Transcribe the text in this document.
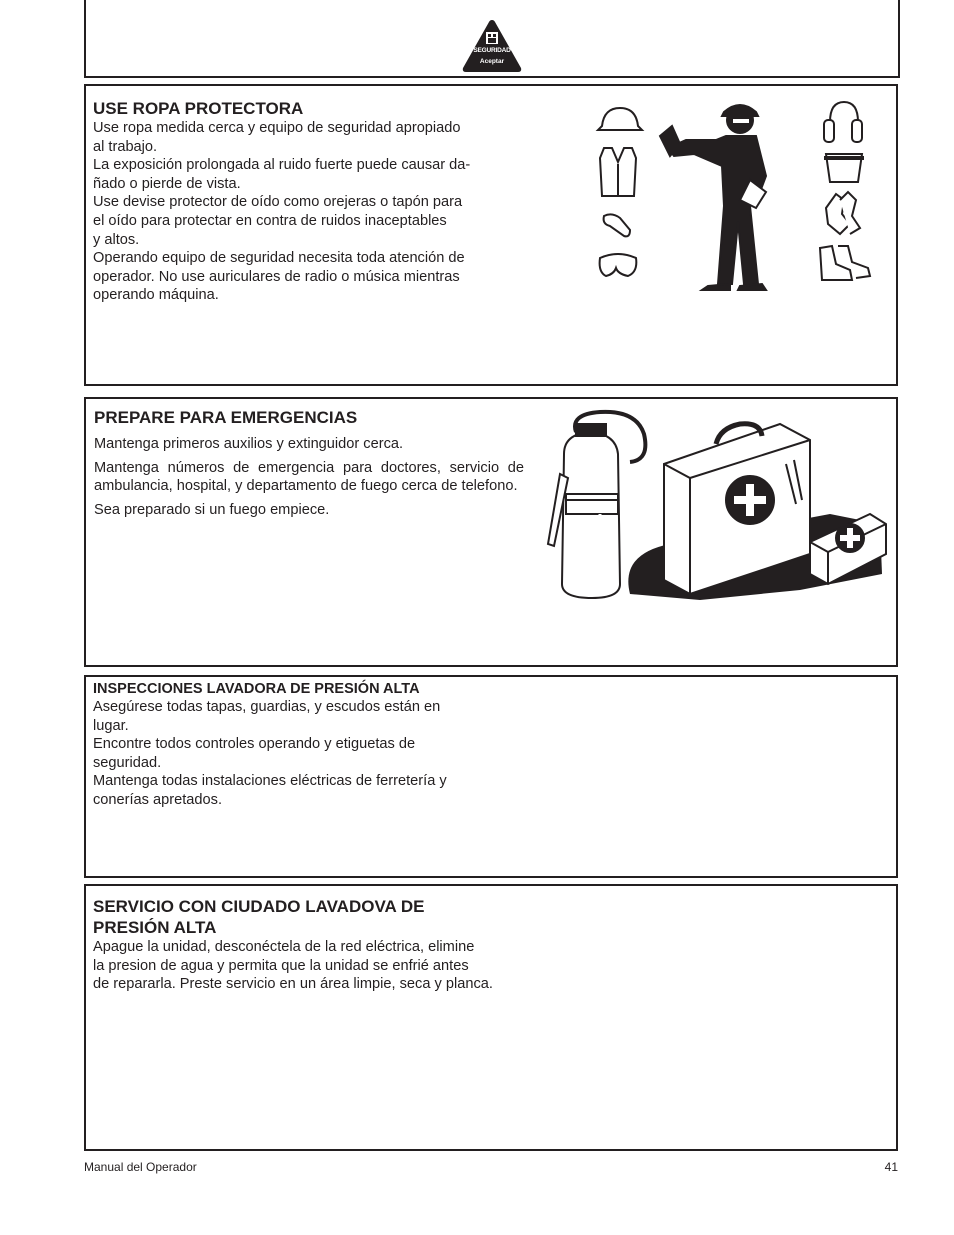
SEGURIDAD
Aceptar

USE ROPA PROTECTORA

Use ropa medida cerca y equipo de seguridad apropiado

al trabajo.

La exposición prolongada al ruido fuerte puede causar da-

ñado o pierde de vista.

Use devise protector de oído como orejeras o tapón para

el oído para protectar en contra de ruidos inaceptables

y altos.

Operando equipo de seguridad necesita toda atención de

operador. No use auriculares de radio o música mientras

operando máquina.

PREPARE PARA EMERGENCIAS

Mantenga primeros auxilios y extinguidor cerca.

Mantenga números de emergencia para doctores, servicio de ambulancia, hospital, y departamento de fuego cerca de telefono.

Sea preparado si un fuego empiece.

INSPECCIONES LAVADORA DE PRESIÓN ALTA

Asegúrese todas tapas, guardias, y escudos están en

lugar.

Encontre todos controles operando y etiguetas de

seguridad.

Mantenga todas instalaciones eléctricas de ferretería y

conerías apretados.

SERVICIO CON CIUDADO LAVADOVA DE

PRESIÓN ALTA

Apague la unidad, desconéctela de la red eléctrica, elimine

la presion de agua y permita que la unidad se enfrié antes

de repararla. Preste servicio en un área limpie, seca y planca.

Manual del Operador	41
